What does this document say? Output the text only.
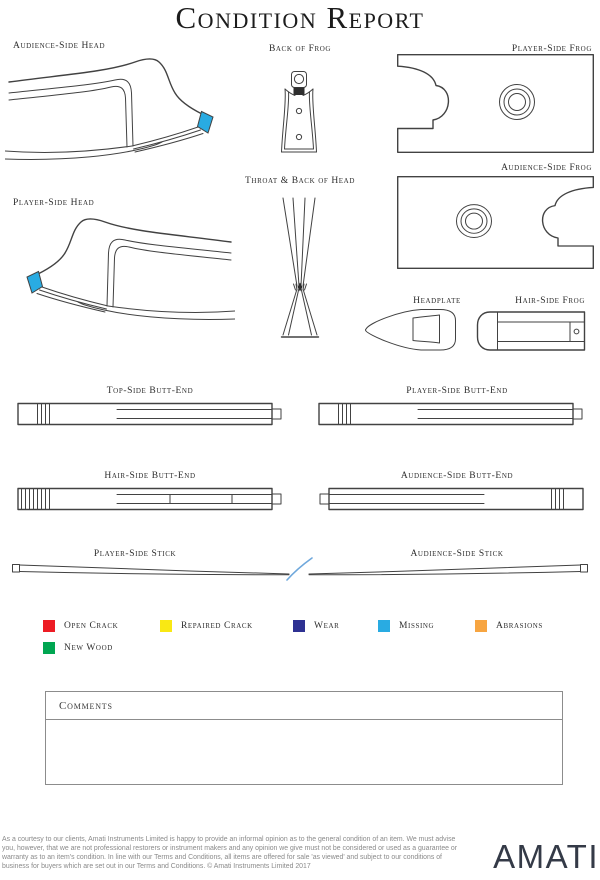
Condition Report
Audience-Side Head	Back of Frog	Player-Side Frog
Audience-Side Frog
Player-Side Head
Throat & Back of Head
Headplate	Hair-Side Frog
Top-Side Butt-End	Player-Side Butt-End
Hair-Side Butt-End	Audience-Side Butt-End
Player-Side Stick	Audience-Side Stick
Open Crack	Repaired Crack	Wear	Missing	Abrasions
New Wood
Comments
As a courtesy to our clients, Amati Instruments Limited is happy to provide an informal opinion as to the general condition of an item. We must advise you, however, that we are not professional restorers or instrument makers and any opinion we give must not be considered or used as a guarantee or warranty as to an item's condition. In line with our Terms and Conditions, all items are offered for sale 'as viewed' and subject to our conditions of business for buyers which are set out in our Terms and Conditions. © Amati Instruments Limited 2017	AMATI
